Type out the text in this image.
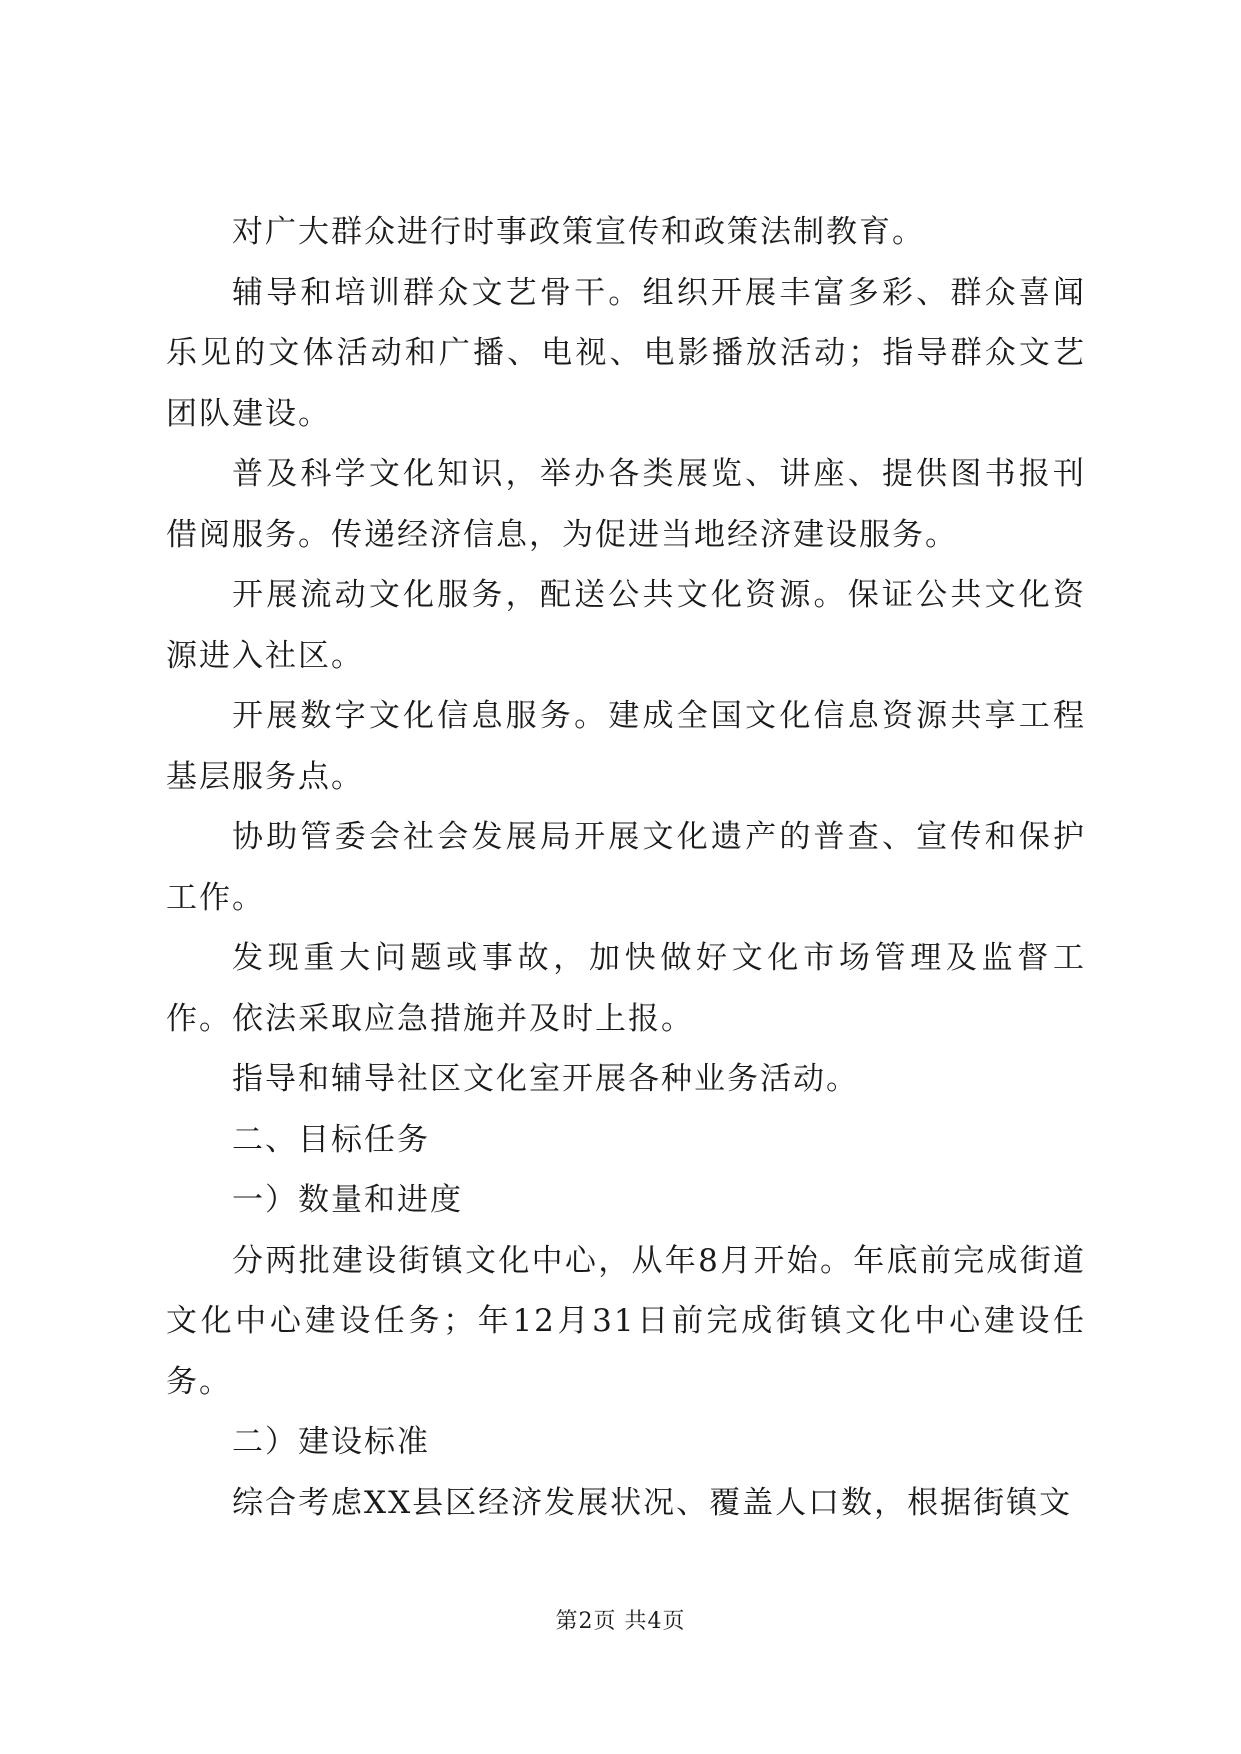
对广大群众进行时事政策宣传和政策法制教育。

辅导和培训群众文艺骨干。组织开展丰富多彩、群众喜闻乐见的文体活动和广播、电视、电影播放活动；指导群众文艺团队建设。

普及科学文化知识，举办各类展览、讲座、提供图书报刊借阅服务。传递经济信息，为促进当地经济建设服务。

开展流动文化服务，配送公共文化资源。保证公共文化资源进入社区。

开展数字文化信息服务。建成全国文化信息资源共享工程基层服务点。

协助管委会社会发展局开展文化遗产的普查、宣传和保护工作。

发现重大问题或事故，加快做好文化市场管理及监督工作。依法采取应急措施并及时上报。

指导和辅导社区文化室开展各种业务活动。

二、目标任务

一）数量和进度

分两批建设街镇文化中心，从年8月开始。年底前完成街道文化中心建设任务；年12月31日前完成街镇文化中心建设任务。

二）建设标准

综合考虑XX县区经济发展状况、覆盖人口数，根据街镇文

第2页 共4页
